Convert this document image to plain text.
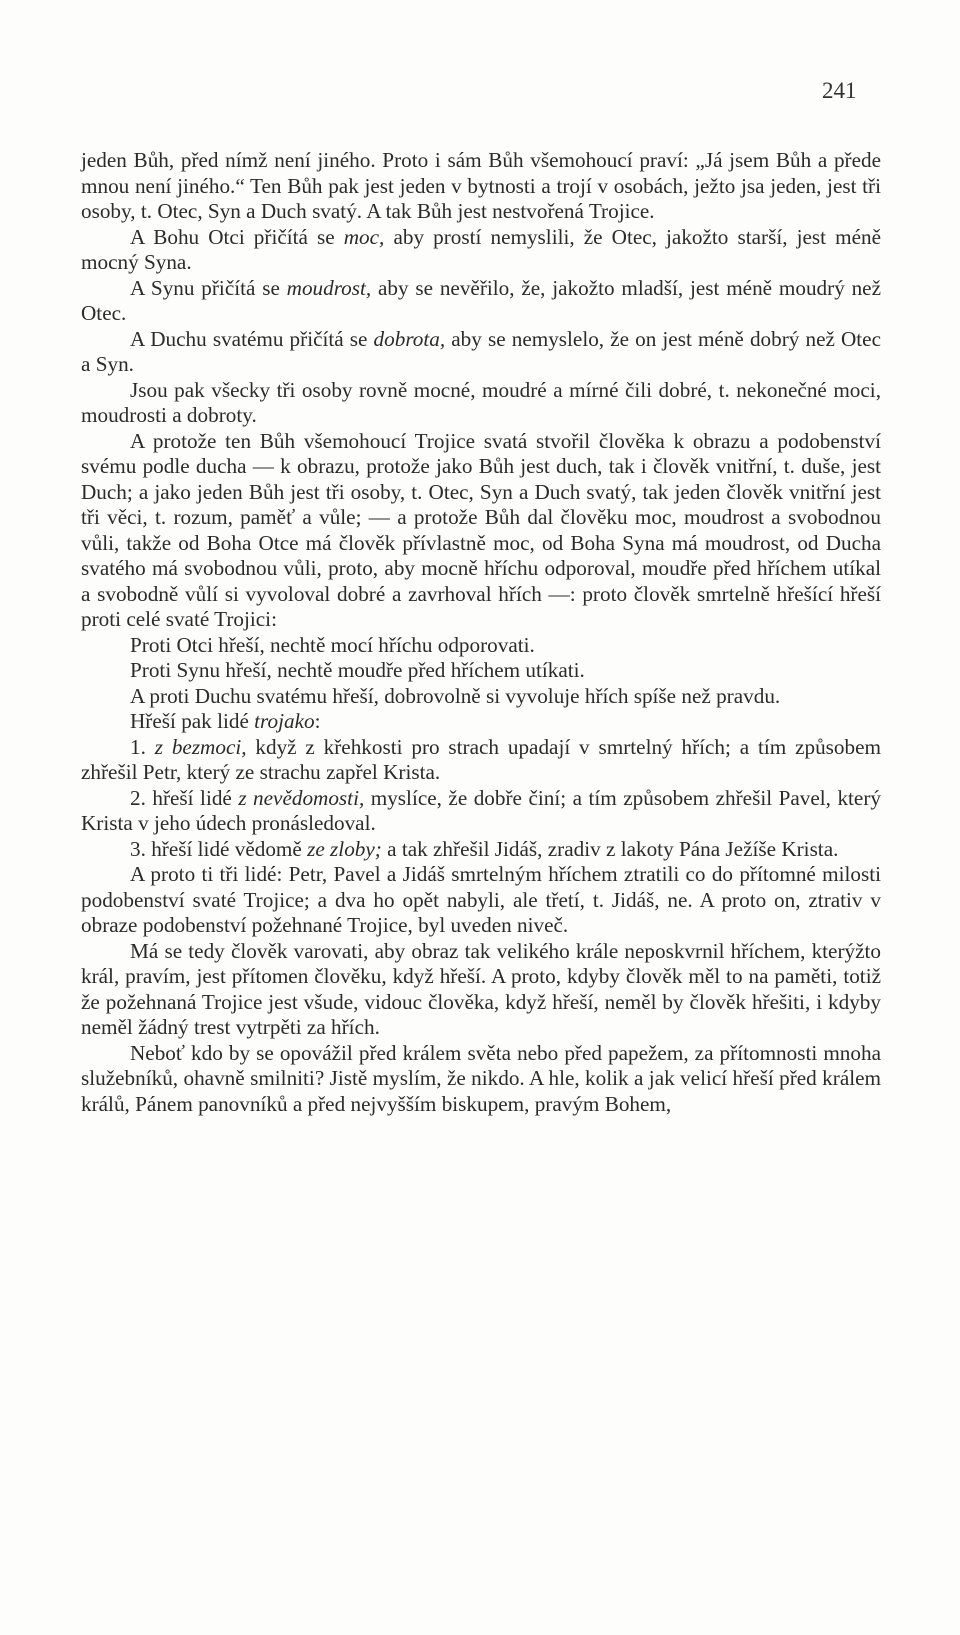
241

jeden Bůh, před nímž není jiného. Proto i sám Bůh všemohoucí praví: „Já jsem Bůh a přede mnou není jiného.“ Ten Bůh pak jest jeden v bytnosti a trojí v osobách, ježto jsa jeden, jest tři osoby, t. Otec, Syn a Duch svatý. A tak Bůh jest nestvořená Trojice.

A Bohu Otci přičítá se moc, aby prostí nemyslili, že Otec, jakožto starší, jest méně mocný Syna.

A Synu přičítá se moudrost, aby se nevěřilo, že, jakožto mladší, jest méně moudrý než Otec.

A Duchu svatému přičítá se dobrota, aby se nemyslelo, že on jest méně dobrý než Otec a Syn.

Jsou pak všecky tři osoby rovně mocné, moudré a mírné čili dobré, t. nekonečné moci, moudrosti a dobroty.

A protože ten Bůh všemohoucí Trojice svatá stvořil člověka k obrazu a podobenství svému podle ducha — k obrazu, protože jako Bůh jest duch, tak i člověk vnitřní, t. duše, jest Duch; a jako jeden Bůh jest tři osoby, t. Otec, Syn a Duch svatý, tak jeden člověk vnitřní jest tři věci, t. rozum, paměť a vůle; — a protože Bůh dal člověku moc, moudrost a svobodnou vůli, takže od Boha Otce má člověk přívlastně moc, od Boha Syna má moudrost, od Ducha svatého má svobodnou vůli, proto, aby mocně hříchu odporoval, moudře před hříchem utíkal a svobodně vůlí si vyvoloval dobré a zavrhoval hřích —: proto člověk smrtelně hřešící hřeší proti celé svaté Trojici:

Proti Otci hřeší, nechtě mocí hříchu odporovati.

Proti Synu hřeší, nechtě moudře před hříchem utíkati.

A proti Duchu svatému hřeší, dobrovolně si vyvoluje hřích spíše než pravdu.

Hřeší pak lidé trojako:

1. z bezmoci, když z křehkosti pro strach upadají v smrtelný hřích; a tím způsobem zhřešil Petr, který ze strachu zapřel Krista.

2. hřeší lidé z nevědomosti, myslíce, že dobře činí; a tím způsobem zhřešil Pavel, který Krista v jeho údech pronásledoval.

3. hřeší lidé vědomě ze zloby; a tak zhřešil Jidáš, zradiv z lakoty Pána Ježíše Krista.

A proto ti tři lidé: Petr, Pavel a Jidáš smrtelným hříchem ztratili co do přítomné milosti podobenství svaté Trojice; a dva ho opět nabyli, ale třetí, t. Jidáš, ne. A proto on, ztrativ v obraze podobenství požehnané Trojice, byl uveden niveč.

Má se tedy člověk varovati, aby obraz tak velikého krále neposkvrnil hříchem, kterýžto král, pravím, jest přítomen člověku, když hřeší. A proto, kdyby člověk měl to na paměti, totiž že požehnaná Trojice jest všude, vidouc člověka, když hřeší, neměl by člověk hřešiti, i kdyby neměl žádný trest vytrpěti za hřích.

Neboť kdo by se opovážil před králem světa nebo před papežem, za přítomnosti mnoha služebníků, ohavně smilniti? Jistě myslím, že nikdo. A hle, kolik a jak velicí hřeší před králem králů, Pánem panovníků a před nejvyšším biskupem, pravým Bohem,
